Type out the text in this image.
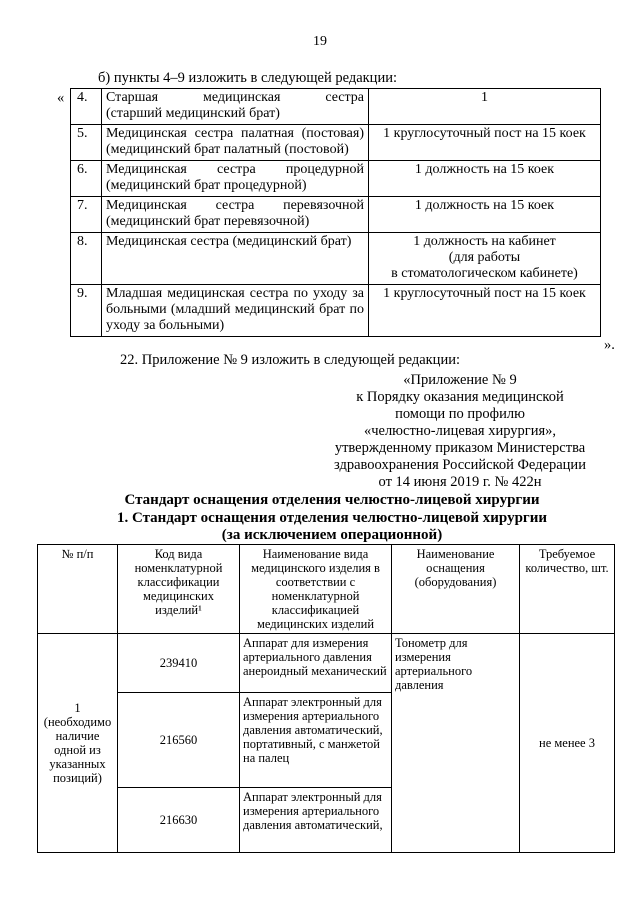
19
б) пункты 4–9 изложить в следующей редакции:
«
».
4.	Старшая медицинская сестра
(старший медицинский брат)	1
5.	Медицинская сестра палатная (постовая) (медицинский брат палатный (постовой)	1 круглосуточный пост на 15 коек
6.	Медицинская сестра процедурной (медицинский брат процедурной)	1 должность на 15 коек
7.	Медицинская сестра перевязочной (медицинский брат перевязочной)	1 должность на 15 коек
8.	Медицинская сестра (медицинский брат)	1 должность на кабинет
(для работы
в стоматологическом кабинете)

9.	Младшая медицинская сестра по уходу за больными (младший медицинский брат по уходу за больными)	1 круглосуточный пост на 15 коек
22. Приложение № 9 изложить в следующей редакции:
«Приложение № 9
к Порядку оказания медицинской
помощи по профилю
«челюстно-лицевая хирургия»,
утвержденному приказом Министерства
здравоохранения Российской Федерации
от 14 июня 2019 г. № 422н
Стандарт оснащения отделения челюстно-лицевой хирургии
1. Стандарт оснащения отделения челюстно-лицевой хирургии
(за исключением операционной)
№ п/п	Код вида номенклатурной классификации медицинских изделий¹	Наименование вида медицинского изделия в соответствии с номенклатурной классификацией медицинских изделий	Наименование оснащения (оборудования)	Требуемое количество, шт.
1 (необходимо наличие одной из указанных позиций)	239410	Аппарат для измерения артериального давления анероидный механический	Тонометр для измерения артериального давления	не менее 3
	216560	Аппарат электронный для измерения артериального давления автоматический, портативный, с манжетой на палец		
	216630	Аппарат электронный для измерения артериального давления автоматический,		
